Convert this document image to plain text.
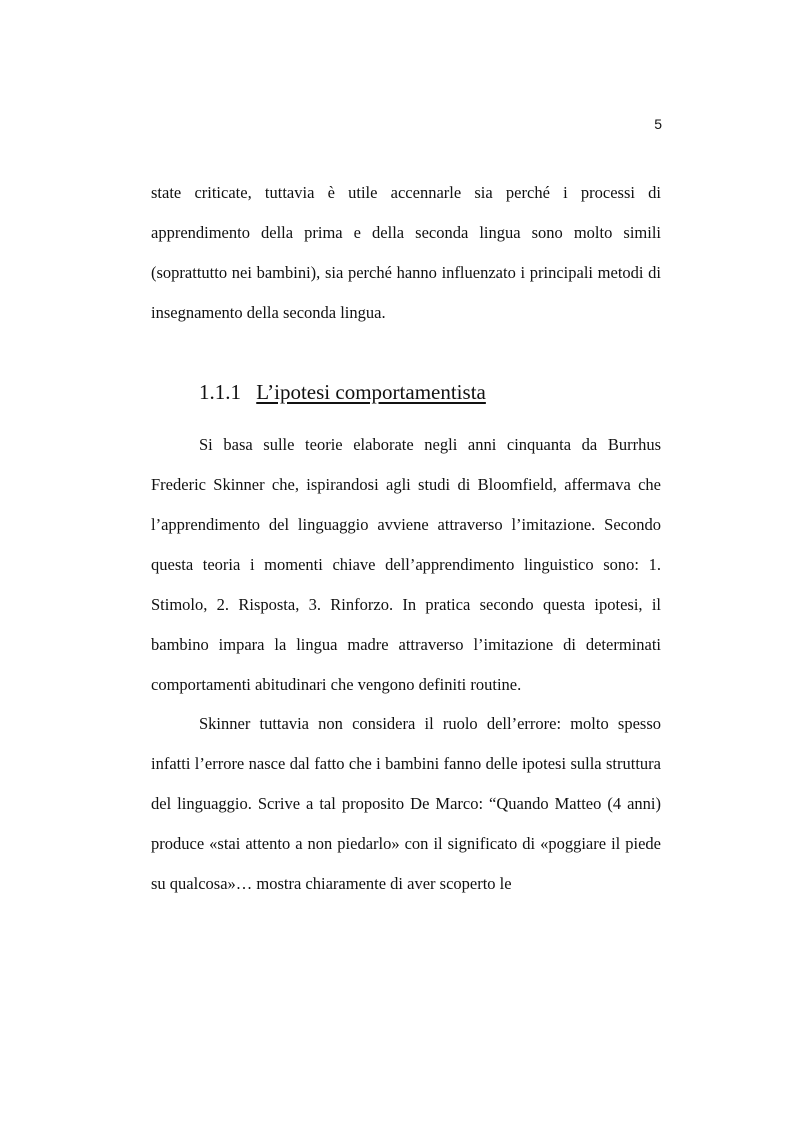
5

state criticate, tuttavia è utile accennarle sia perché i processi di apprendimento della prima e della seconda lingua sono molto simili (soprattutto nei bambini), sia perché hanno influenzato i principali metodi di insegnamento della seconda lingua.

1.1.1 L’ipotesi comportamentista

Si basa sulle teorie elaborate negli anni cinquanta da Burrhus Frederic Skinner che, ispirandosi agli studi di Bloomfield, affermava che l’apprendimento del linguaggio avviene attraverso l’imitazione. Secondo questa teoria i momenti chiave dell’apprendimento linguistico sono: 1. Stimolo, 2. Risposta, 3. Rinforzo. In pratica secondo questa ipotesi, il bambino impara la lingua madre attraverso l’imitazione di determinati comportamenti abitudinari che vengono definiti routine.

Skinner tuttavia non considera il ruolo dell’errore: molto spesso infatti l’errore nasce dal fatto che i bambini fanno delle ipotesi sulla struttura del linguaggio. Scrive a tal proposito De Marco: “Quando Matteo (4 anni) produce «stai attento a non piedarlo» con il significato di «poggiare il piede su qualcosa»… mostra chiaramente di aver scoperto le
